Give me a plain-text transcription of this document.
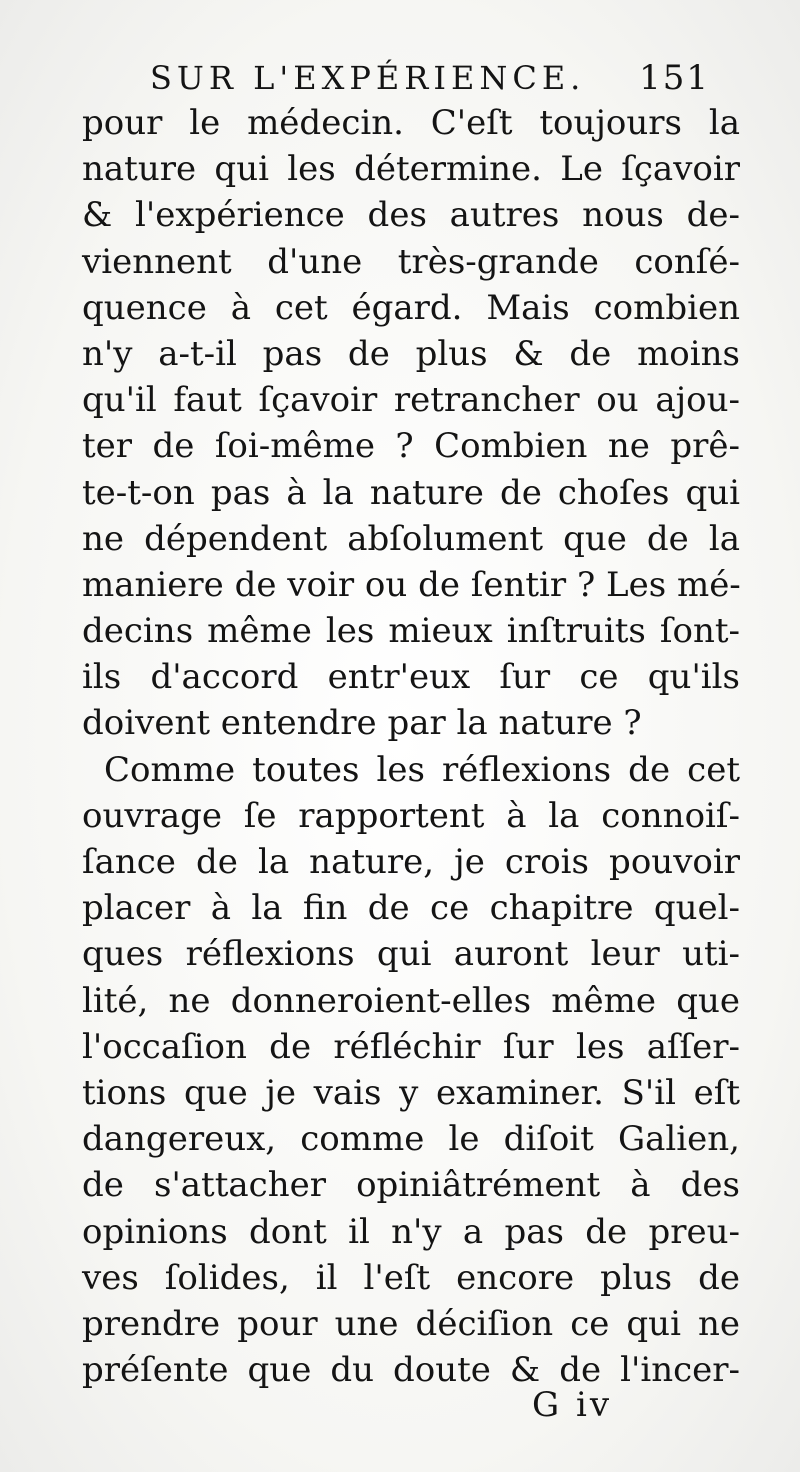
SUR L'EXPÉRIENCE. 151
pour le médecin. C'eſt toujours la
nature qui les détermine. Le ſçavoir
& l'expérience des autres nous de-
viennent d'une très-grande conſé-
quence à cet égard. Mais combien
n'y a-t-il pas de plus & de moins
qu'il faut ſçavoir retrancher ou ajou-
ter de ſoi-même ? Combien ne prê-
te-t-on pas à la nature de choſes qui
ne dépendent abſolument que de la
maniere de voir ou de ſentir ? Les mé-
decins même les mieux inſtruits ſont-
ils d'accord entr'eux ſur ce qu'ils
doivent entendre par la nature ?
Comme toutes les réflexions de cet
ouvrage ſe rapportent à la connoiſ-
ſance de la nature, je crois pouvoir
placer à la fin de ce chapitre quel-
ques réflexions qui auront leur uti-
lité, ne donneroient-elles même que
l'occaſion de réfléchir ſur les aſſer-
tions que je vais y examiner. S'il eſt
dangereux, comme le diſoit Galien,
de s'attacher opiniâtrément à des
opinions dont il n'y a pas de preu-
ves ſolides, il l'eſt encore plus de
prendre pour une déciſion ce qui ne
préſente que du doute & de l'incer-
G iv
